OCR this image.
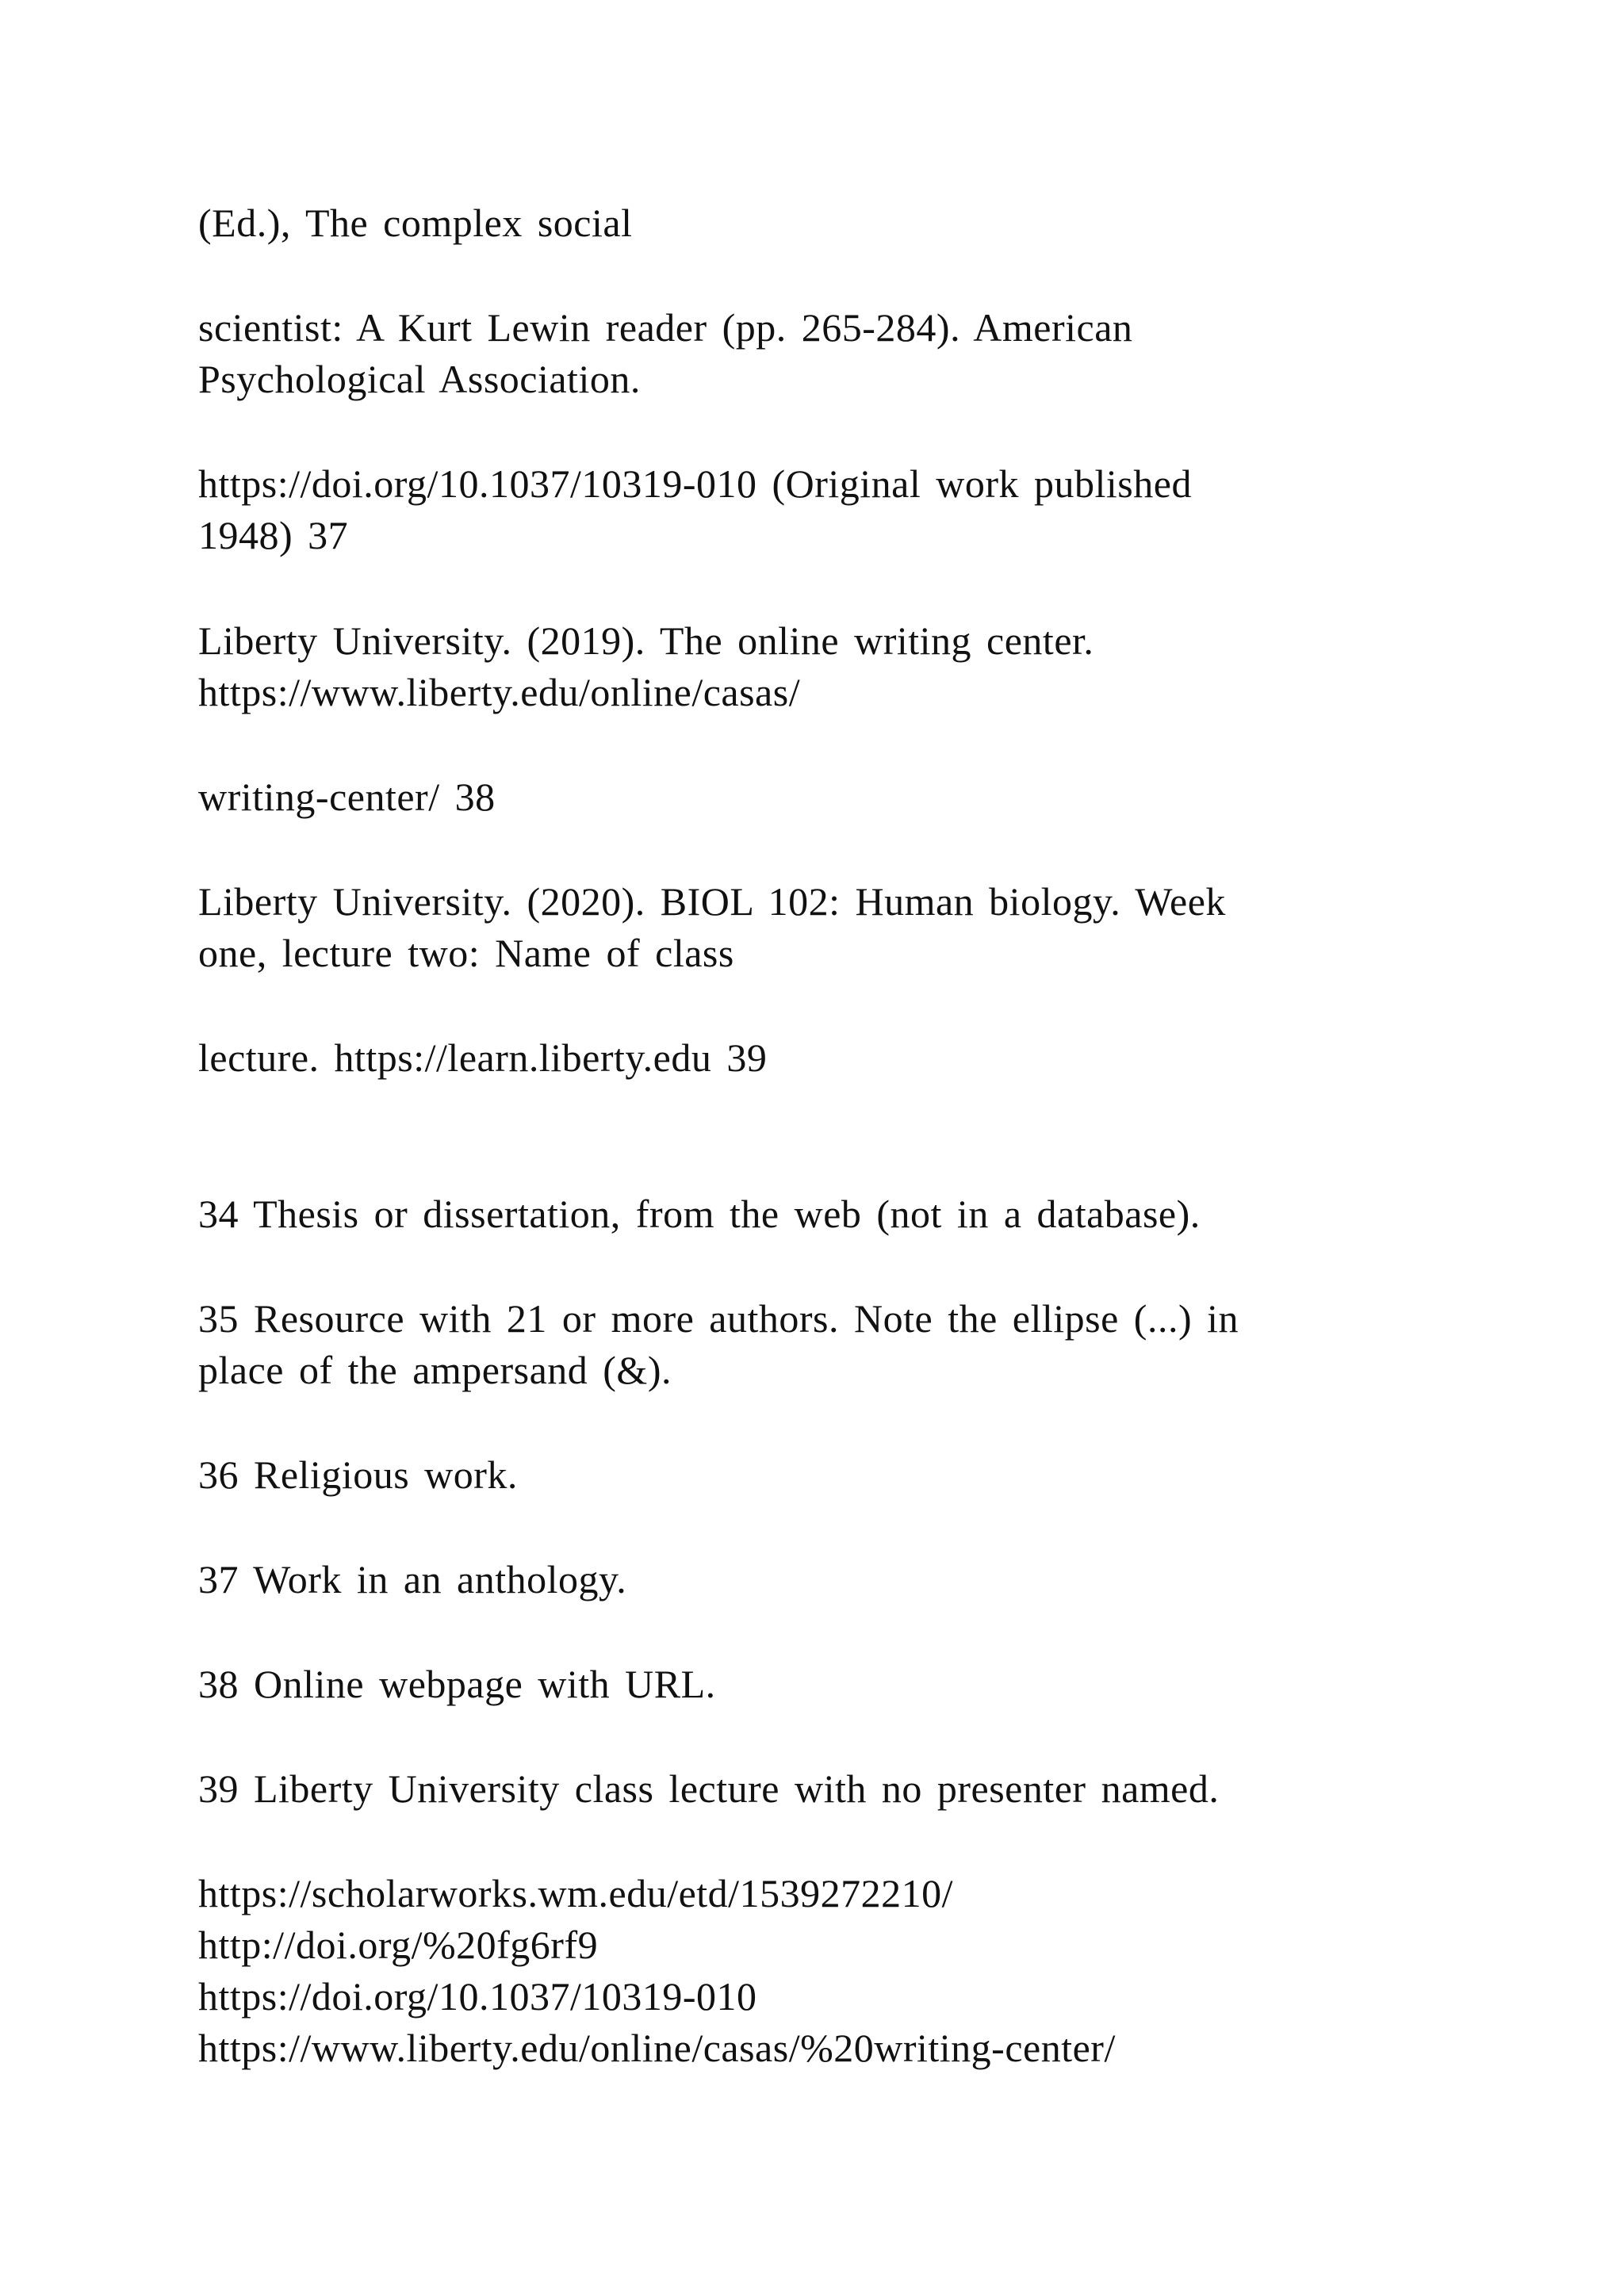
(Ed.), The complex social

scientist: A Kurt Lewin reader (pp. 265-284). American

Psychological Association.

https://doi.org/10.1037/10319-010 (Original work published

1948) 37

Liberty University. (2019). The online writing center.

https://www.liberty.edu/online/casas/

writing-center/ 38

Liberty University. (2020). BIOL 102: Human biology. Week

one, lecture two: Name of class

lecture. https://learn.liberty.edu 39

34 Thesis or dissertation, from the web (not in a database).

35 Resource with 21 or more authors. Note the ellipse (...) in

place of the ampersand (&).

36 Religious work.

37 Work in an anthology.

38 Online webpage with URL.

39 Liberty University class lecture with no presenter named.

https://scholarworks.wm.edu/etd/1539272210/

http://doi.org/%20fg6rf9

https://doi.org/10.1037/10319-010

https://www.liberty.edu/online/casas/%20writing-center/
